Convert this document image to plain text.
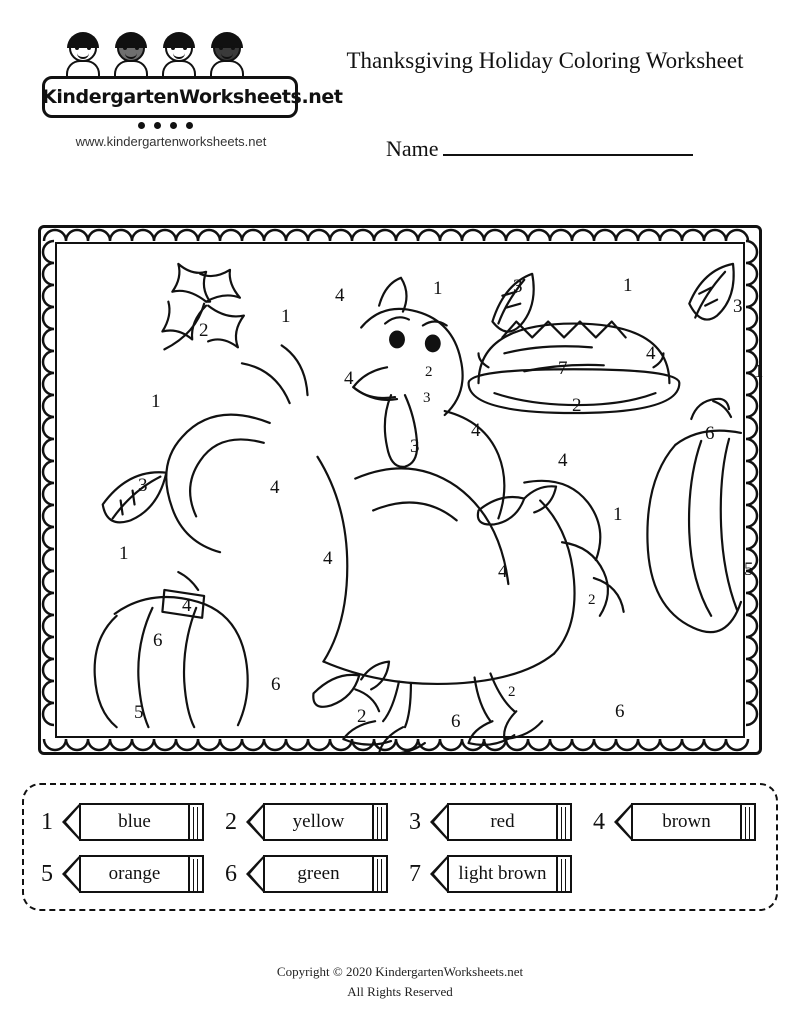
KindergartenWorksheets.net
www.kindergartenworksheets.net
Thanksgiving Holiday Coloring Worksheet
Name
4	1	3	1
3
2
1
4
1
7
4	2
3	2
1
4
3
6
4
3	4
1
1	4
4	5
2
4
6
6	2
5	2	6	6
1	blue	2	yellow	3	red	4	brown
5	orange	6	green	7	light brown
Copyright © 2020 KindergartenWorksheets.net
All Rights Reserved
